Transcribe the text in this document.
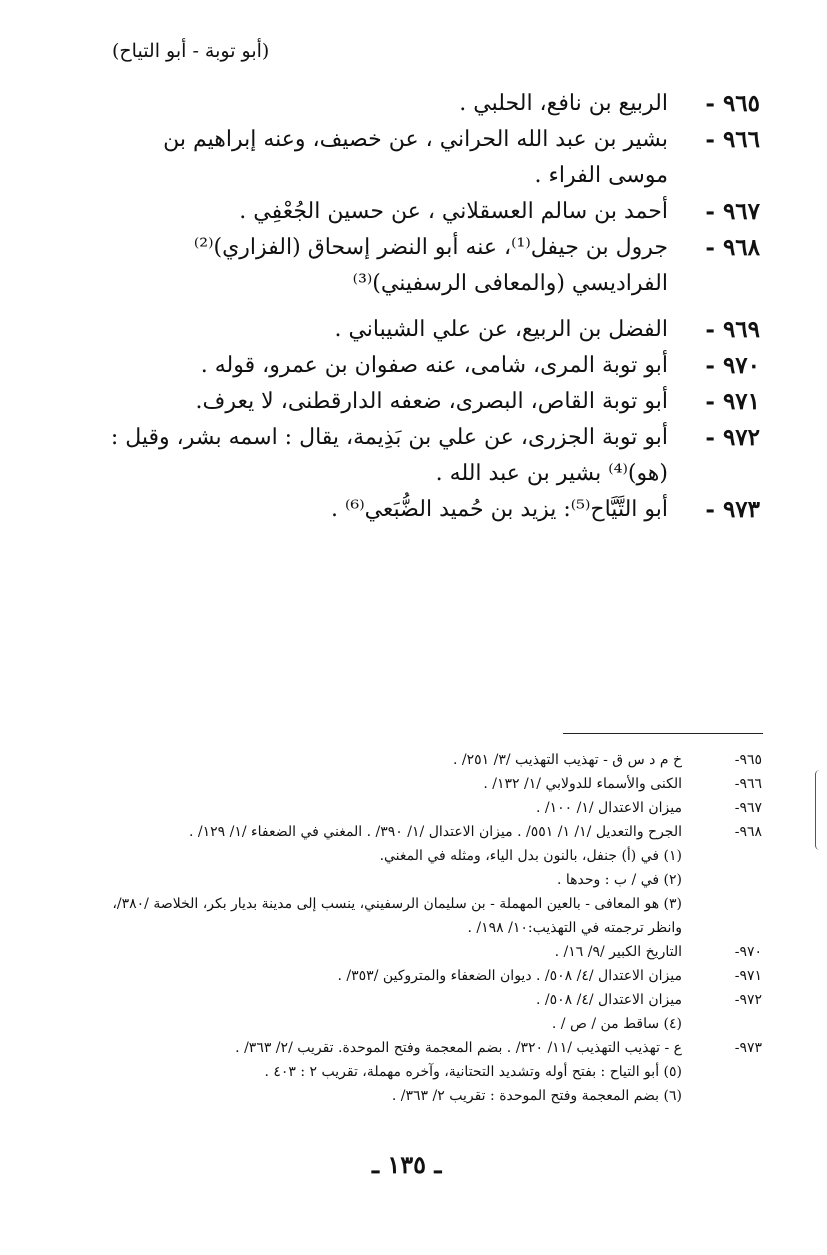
(أبو توبة - أبو التياح)
٩٦٥ -
الربيع بن نافع، الحلبي .
٩٦٦ -
بشير بن عبد الله الحراني ، عن خصيف، وعنه إبراهيم بن موسى الفراء .
٩٦٧ -
أحمد بن سالم العسقلاني ، عن حسين الجُعْفِي .
٩٦٨ -
جرول بن جيفل⁽¹⁾، عنه أبو النضر إسحاق (الفزاري)⁽²⁾ الفراديسي (والمعافى الرسفيني)⁽³⁾
٩٦٩ -
الفضل بن الربيع، عن علي الشيباني .
٩٧٠ -
أبو توبة المرى، شامى، عنه صفوان بن عمرو، قوله .
٩٧١ -
أبو توبة القاص، البصرى، ضعفه الدارقطنى، لا يعرف.
٩٧٢ -
أبو توبة الجزرى، عن علي بن بَذِيمة، يقال : اسمه بشر، وقيل : (هو)⁽⁴⁾ بشير بن عبد الله .
٩٧٣ -
أبو التَّيَّاح⁽⁵⁾: يزيد بن حُميد الضُّبَعي⁽⁶⁾ .
٩٦٥-
خ م د س ق - تهذيب التهذيب /٣/ ٢٥١/ .
٩٦٦-
الكنى والأسماء للدولابي /١/ ١٣٢/ .
٩٦٧-
ميزان الاعتدال /١/ ١٠٠/ .
٩٦٨-
الجرح والتعديل /١/ ١/ ٥٥١/ . ميزان الاعتدال /١/ ٣٩٠/ . المغني في الضعفاء /١/ ١٢٩/ .
(١) في (أ) جنفل، بالنون بدل الياء، ومثله في المغني.
(٢) في / ب : وحدها .
(٣) هو المعافى - بالعين المهملة - بن سليمان الرسفيني، ينسب إلى مدينة بديار بكر، الخلاصة /٣٨٠/، وانظر ترجمته في التهذيب:١٠/ ١٩٨/ .
٩٧٠-
التاريخ الكبير /٩/ ١٦/ .
٩٧١-
ميزان الاعتدال /٤/ ٥٠٨/ . ديوان الضعفاء والمتروكين /٣٥٣/ .
٩٧٢-
ميزان الاعتدال /٤/ ٥٠٨/ .
(٤) ساقط من / ص / .
٩٧٣-
ع - تهذيب التهذيب /١١/ ٣٢٠/ . بضم المعجمة وفتح الموحدة. تقريب /٢/ ٣٦٣/ .
(٥) أبو التياح : بفتح أوله وتشديد التحتانية، وآخره مهملة، تقريب ٢ : ٤٠٣ .
(٦) بضم المعجمة وفتح الموحدة : تقريب ٢/ ٣٦٣/ .
ـ ١٣٥ ـ
